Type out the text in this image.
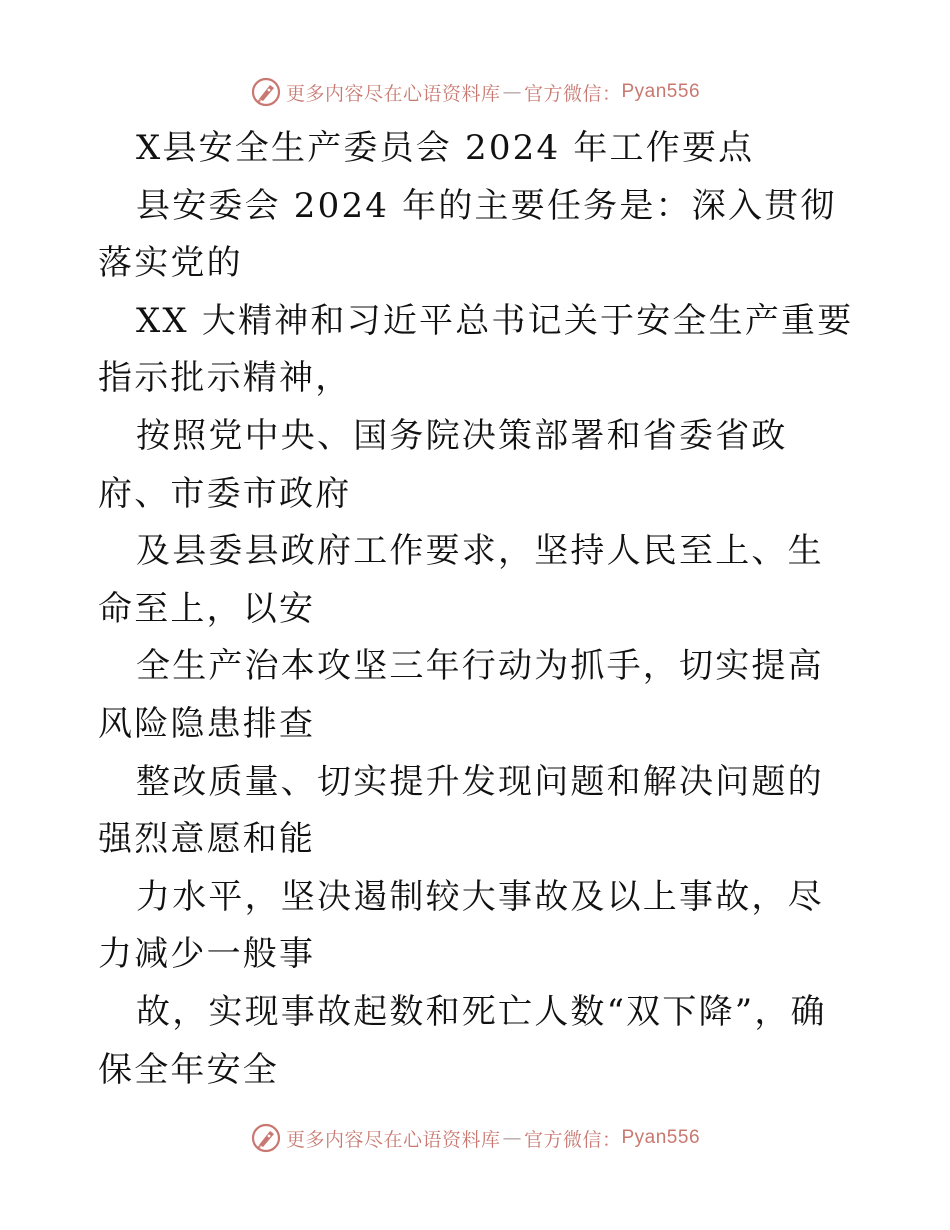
更多内容尽在心语资料库 — 官方微信： Pyan556

X县安全生产委员会 2024 年工作要点

县安委会 2024 年的主要任务是：深入贯彻落实党的

XX 大精神和习近平总书记关于安全生产重要指示批示精神，

按照党中央、国务院决策部署和省委省政府、市委市政府

及县委县政府工作要求，坚持人民至上、生命至上，以安

全生产治本攻坚三年行动为抓手，切实提高风险隐患排查

整改质量、切实提升发现问题和解决问题的强烈意愿和能

力水平，坚决遏制较大事故及以上事故，尽力减少一般事

故，实现事故起数和死亡人数“双下降”，确保全年安全

更多内容尽在心语资料库 — 官方微信： Pyan556
